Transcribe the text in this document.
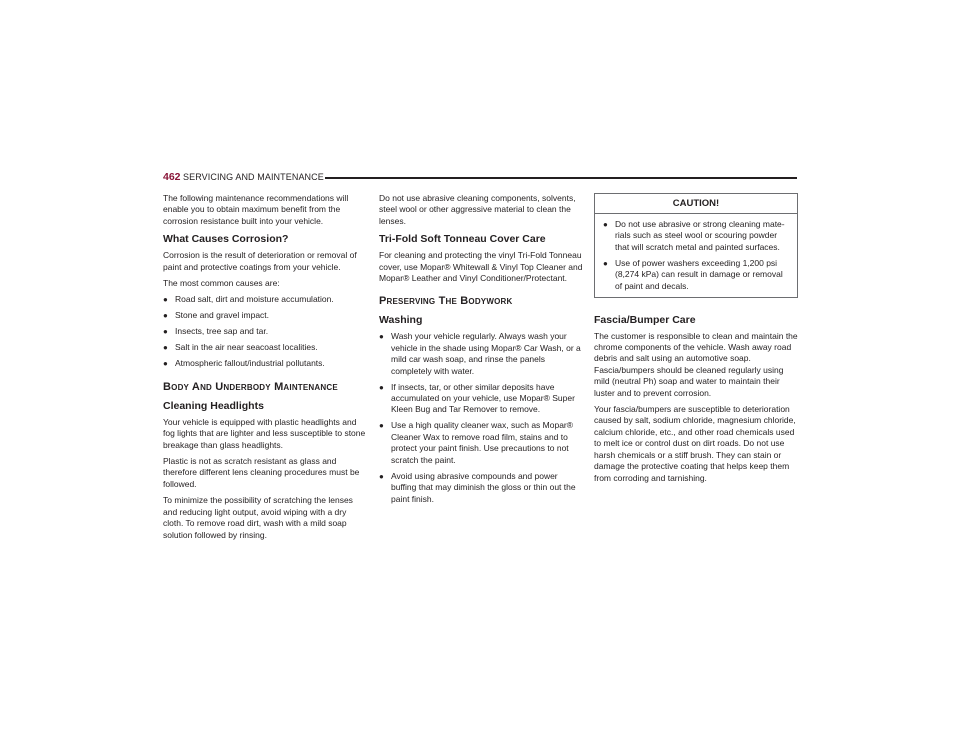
462 SERVICING AND MAINTENANCE

The following maintenance recommendations will enable you to obtain maximum benefit from the corrosion resistance built into your vehicle.

What Causes Corrosion?

Corrosion is the result of deterioration or removal of paint and protective coatings from your vehicle.

The most common causes are:

● Road salt, dirt and moisture accumulation.
● Stone and gravel impact.
● Insects, tree sap and tar.
● Salt in the air near seacoast localities.
● Atmospheric fallout/industrial pollutants.
Body And Underbody Maintenance
Cleaning Headlights

Your vehicle is equipped with plastic headlights and fog lights that are lighter and less susceptible to stone breakage than glass headlights.

Plastic is not as scratch resistant as glass and therefore different lens cleaning procedures must be followed.

To minimize the possibility of scratching the lenses and reducing light output, avoid wiping with a dry cloth. To remove road dirt, wash with a mild soap solution followed by rinsing.

Do not use abrasive cleaning components, solvents, steel wool or other aggressive material to clean the lenses.

Tri-Fold Soft Tonneau Cover Care

For cleaning and protecting the vinyl Tri-Fold Tonneau cover, use Mopar® Whitewall & Vinyl Top Cleaner and Mopar® Leather and Vinyl Conditioner/Protectant.

Preserving The Bodywork
Washing
● Wash your vehicle regularly. Always wash your vehicle in the shade using Mopar® Car Wash, or a mild car wash soap, and rinse the panels completely with water.
● If insects, tar, or other similar deposits have accumulated on your vehicle, use Mopar® Super Kleen Bug and Tar Remover to remove.
● Use a high quality cleaner wax, such as Mopar® Cleaner Wax to remove road film, stains and to protect your paint finish. Use precautions to not scratch the paint.
● Avoid using abrasive compounds and power buffing that may diminish the gloss or thin out the paint finish.
CAUTION!
● Do not use abrasive or strong cleaning mate-rials such as steel wool or scouring powder that will scratch metal and painted surfaces.
● Use of power washers exceeding 1,200 psi (8,274 kPa) can result in damage or removal of paint and decals.
Fascia/Bumper Care

The customer is responsible to clean and maintain the chrome components of the vehicle. Wash away road debris and salt using an automotive soap. Fascia/bumpers should be cleaned regularly using mild (neutral Ph) soap and water to maintain their luster and to prevent corrosion.

Your fascia/bumpers are susceptible to deterioration caused by salt, sodium chloride, magnesium chloride, calcium chloride, etc., and other road chemicals used to melt ice or control dust on dirt roads. Do not use harsh chemicals or a stiff brush. They can stain or damage the protective coating that helps keep them from corroding and tarnishing.
